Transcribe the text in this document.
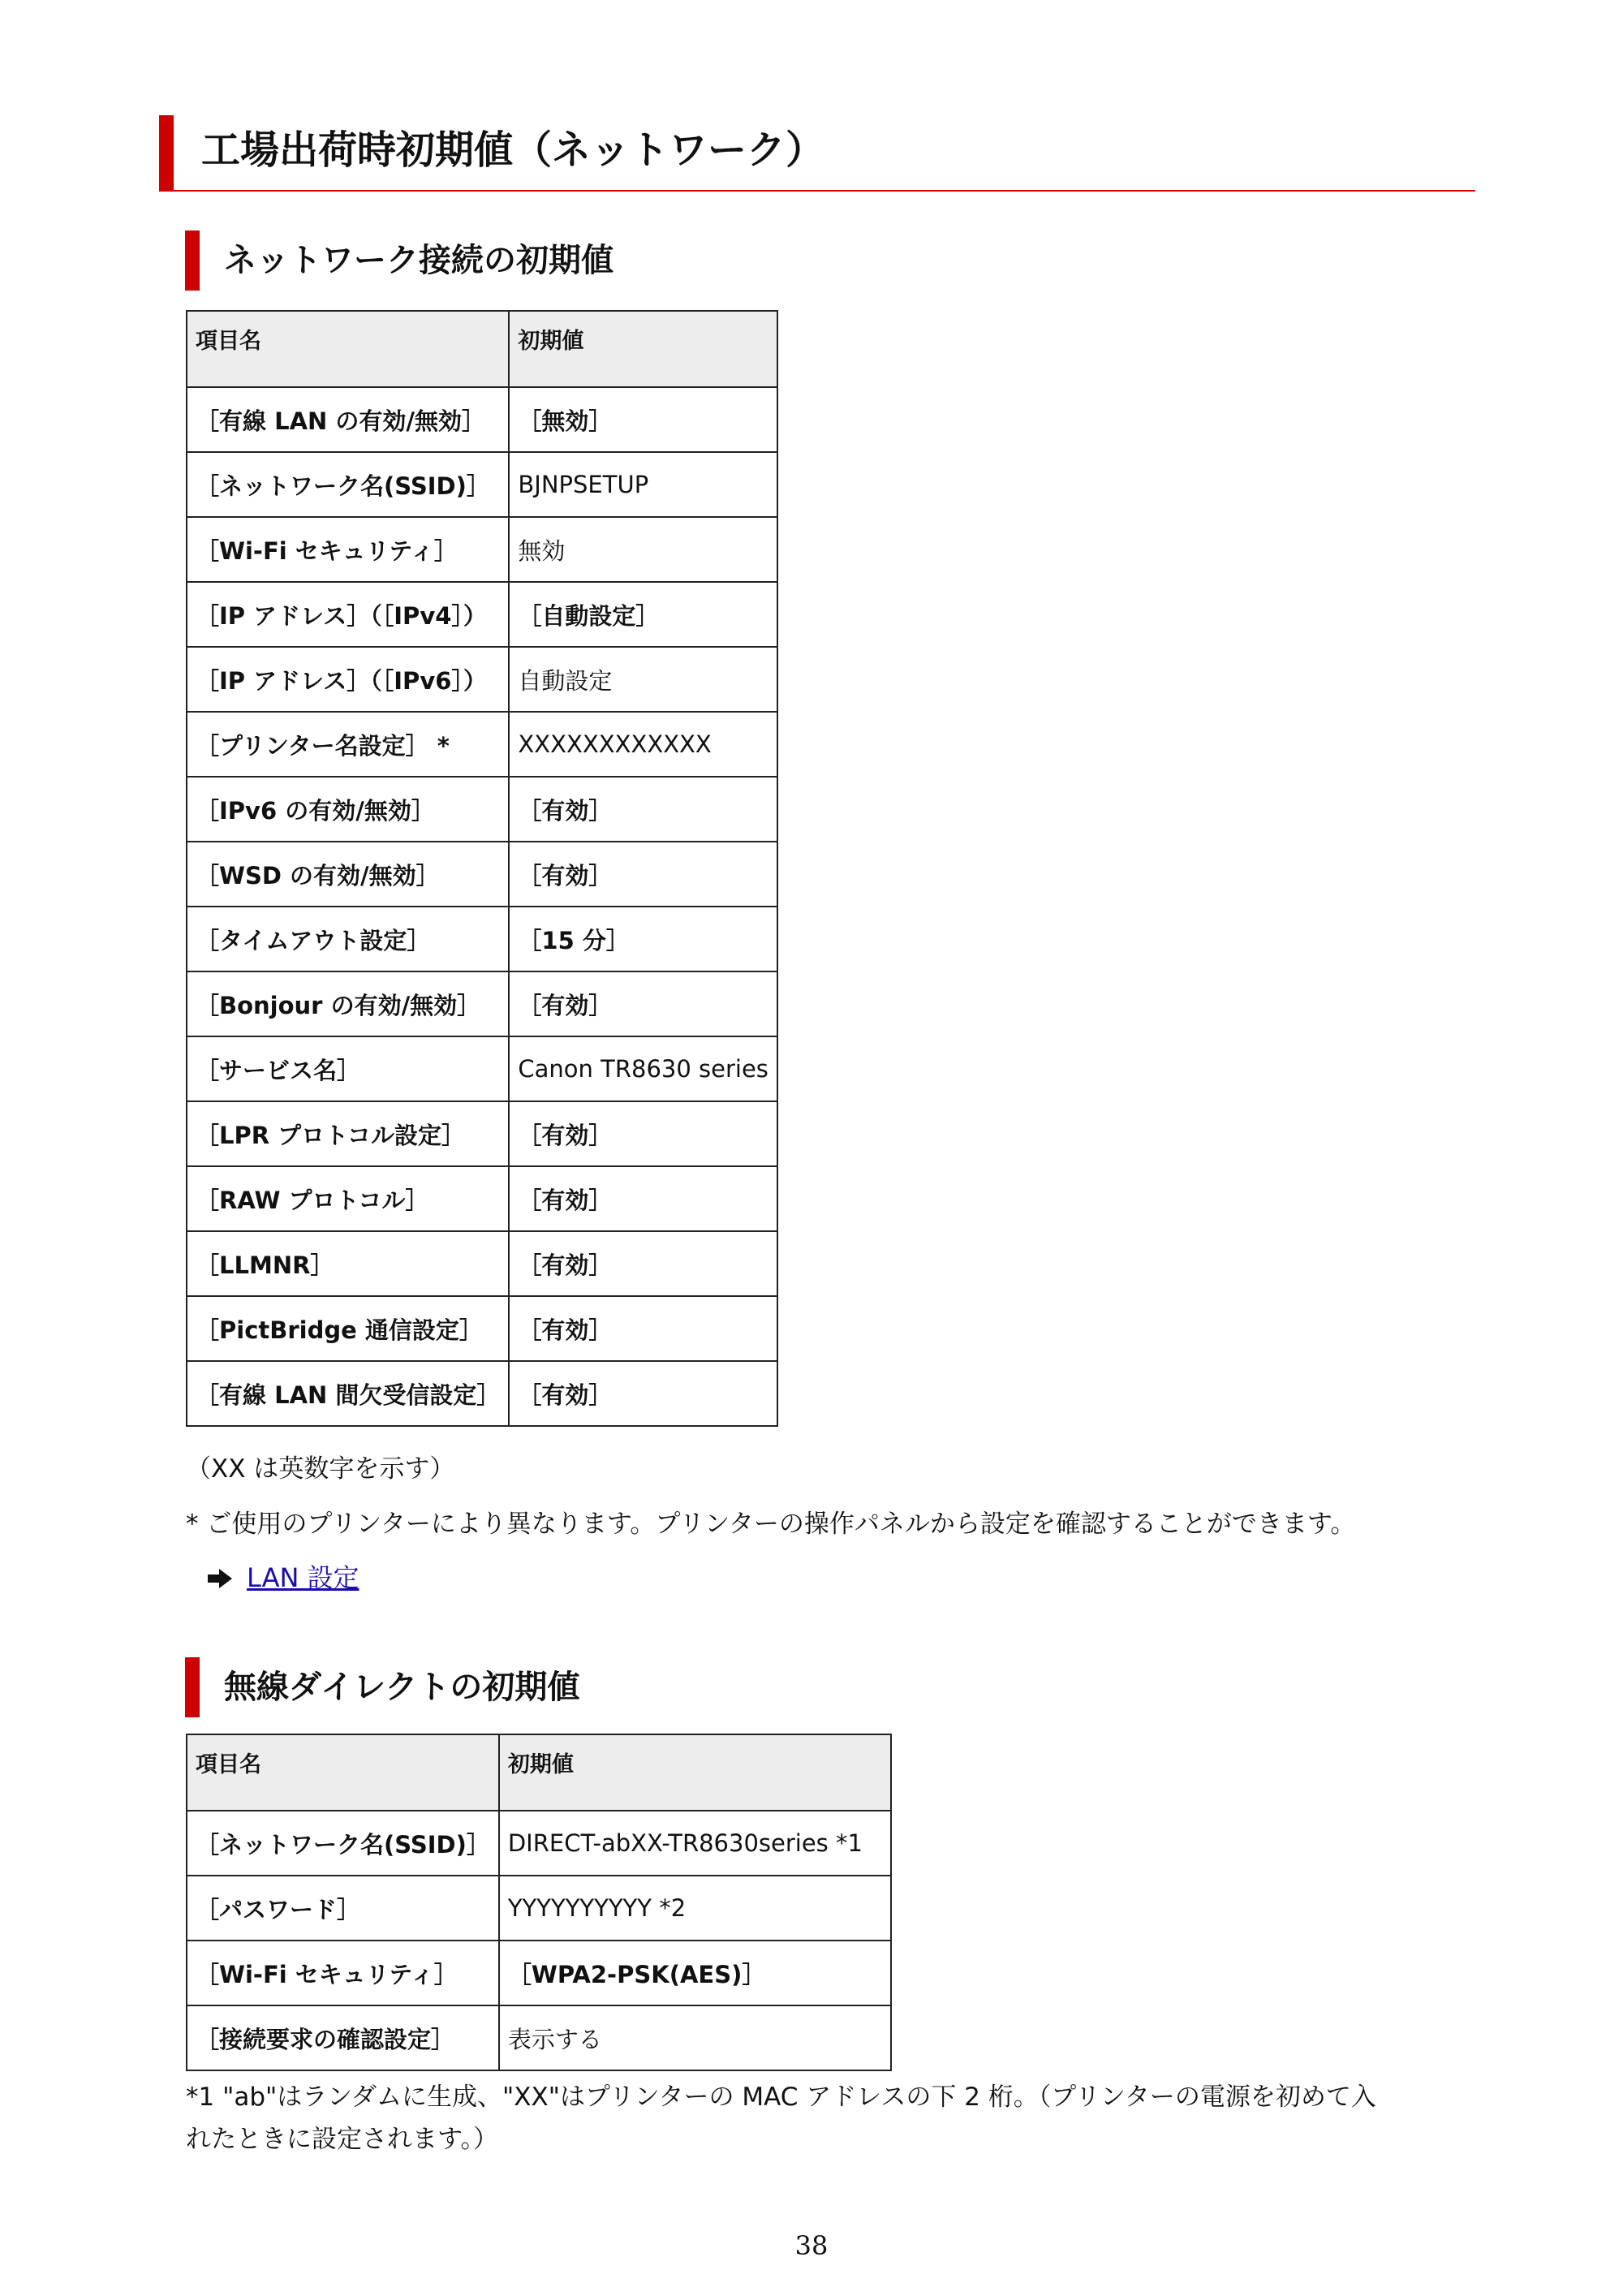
工場出荷時初期値（ネットワーク）
ネットワーク接続の初期値
項目名	初期値
［有線 LAN の有効/無効］	［無効］
［ネットワーク名(SSID)］	BJNPSETUP
［Wi-Fi セキュリティ］	無効
［IP アドレス］（［IPv4］）	［自動設定］
［IP アドレス］（［IPv6］）	自動設定
［プリンター名設定］ *	XXXXXXXXXXXX
［IPv6 の有効/無効］	［有効］
［WSD の有効/無効］	［有効］
［タイムアウト設定］	［15 分］
［Bonjour の有効/無効］	［有効］
［サービス名］	Canon TR8630 series
［LPR プロトコル設定］	［有効］
［RAW プロトコル］	［有効］
［LLMNR］	［有効］
［PictBridge 通信設定］	［有効］
［有線 LAN 間欠受信設定］	［有効］
（XX は英数字を示す）
* ご使用のプリンターにより異なります。プリンターの操作パネルから設定を確認することができます。
LAN 設定
無線ダイレクトの初期値
項目名	初期値
［ネットワーク名(SSID)］	DIRECT-abXX-TR8630series *1
［パスワード］	YYYYYYYYYY *2
［Wi-Fi セキュリティ］	［WPA2-PSK(AES)］
［接続要求の確認設定］	表示する
*1 "ab"はランダムに生成、"XX"はプリンターの MAC アドレスの下 2 桁。（プリンターの電源を初めて入
れたときに設定されます。）
38
